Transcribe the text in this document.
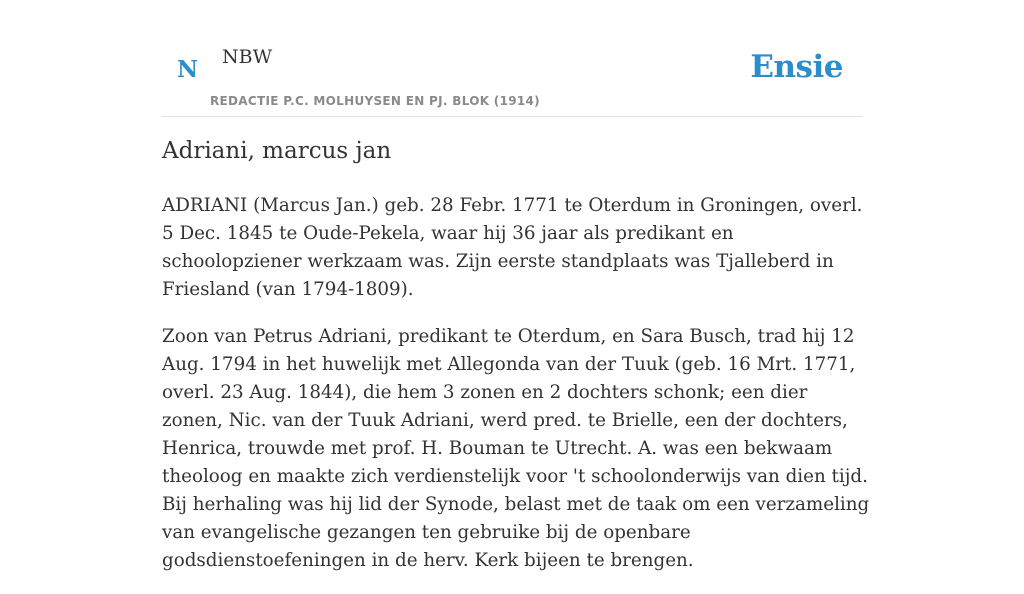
N NBW
REDACTIE P.C. MOLHUYSEN EN PJ. BLOK (1914)
Ensie
Adriani, marcus jan

ADRIANI (Marcus Jan.) geb. 28 Febr. 1771 te Oterdum in Groningen, overl. 5 Dec. 1845 te Oude-Pekela, waar hij 36 jaar als predikant en schoolopziener werkzaam was. Zijn eerste standplaats was Tjalleberd in Friesland (van 1794-1809).

Zoon van Petrus Adriani, predikant te Oterdum, en Sara Busch, trad hij 12 Aug. 1794 in het huwelijk met Allegonda van der Tuuk (geb. 16 Mrt. 1771, overl. 23 Aug. 1844), die hem 3 zonen en 2 dochters schonk; een dier zonen, Nic. van der Tuuk Adriani, werd pred. te Brielle, een der dochters, Henrica, trouwde met prof. H. Bouman te Utrecht. A. was een bekwaam theoloog en maakte zich verdienstelijk voor 't schoolonderwijs van dien tijd. Bij herhaling was hij lid der Synode, belast met de taak om een verzameling van evangelische gezangen ten gebruike bij de openbare godsdienstoefeningen in de herv. Kerk bijeen te brengen.
